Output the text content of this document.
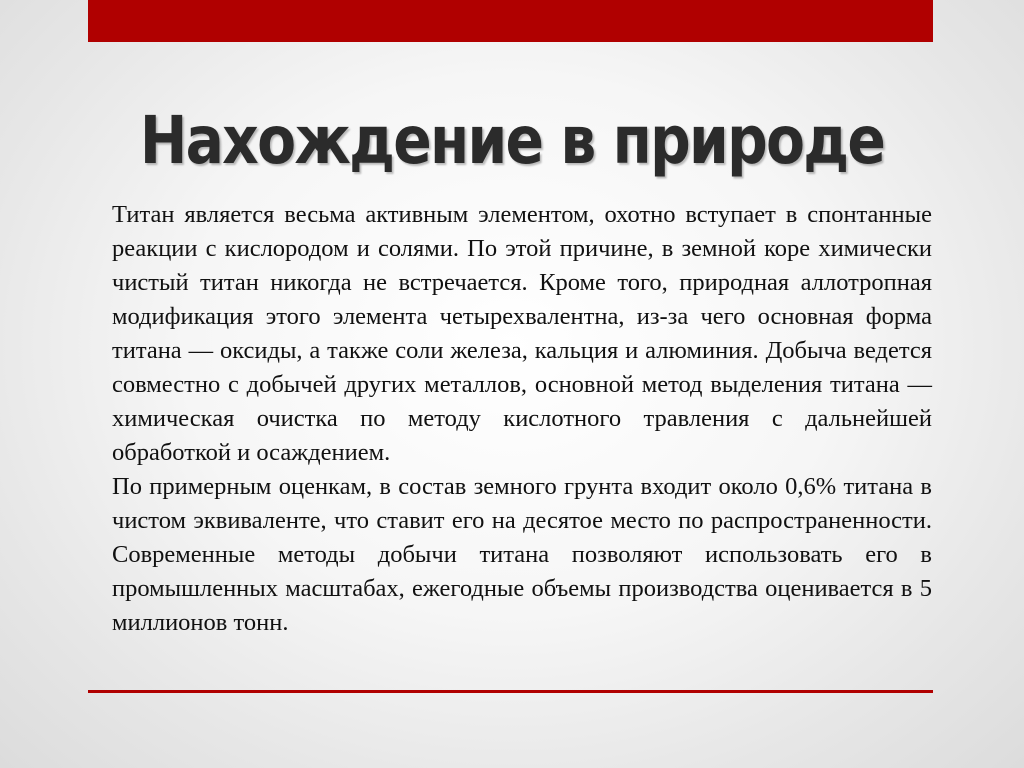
Нахождение в природе

Титан является весьма активным элементом, охотно вступает в спонтанные реакции с кислородом и солями. По этой причине, в земной коре химически чистый титан никогда не встречается. Кроме того, природная аллотропная модификация этого элемента четырехвалентна, из-за чего основная форма титана — оксиды, а также соли железа, кальция и алюминия. Добыча ведется совместно с добычей других металлов, основной метод выделения титана — химическая очистка по методу кислотного травления с дальнейшей обработкой и осаждением.

По примерным оценкам, в состав земного грунта входит около 0,6% титана в чистом эквиваленте, что ставит его на десятое место по распространенности. Современные методы добычи титана позволяют использовать его в промышленных масштабах, ежегодные объемы производства оценивается в 5 миллионов тонн.
